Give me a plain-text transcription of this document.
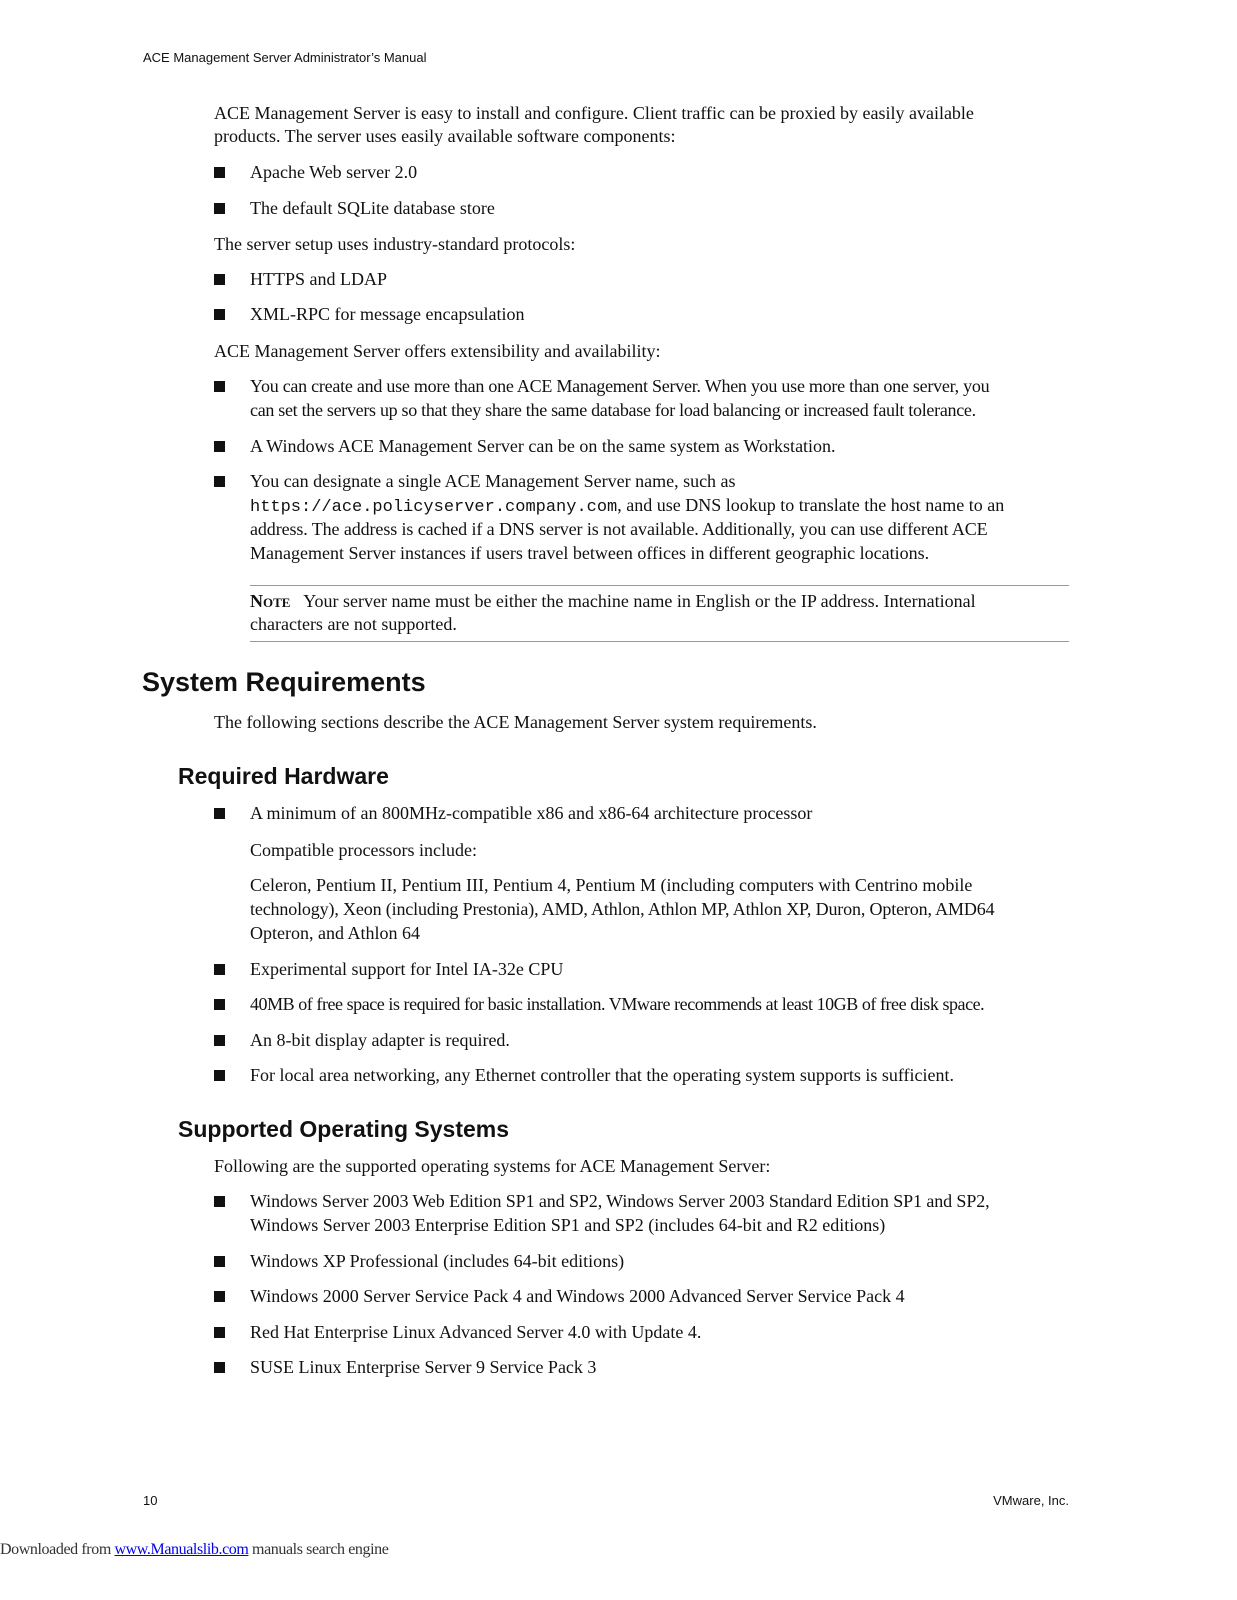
ACE Management Server Administrator’s Manual
ACE Management Server is easy to install and configure. Client traffic can be proxied by easily available
products. The server uses easily available software components:
Apache Web server 2.0
The default SQLite database store
The server setup uses industry-standard protocols:
HTTPS and LDAP
XML-RPC for message encapsulation
ACE Management Server offers extensibility and availability:
You can create and use more than one ACE Management Server. When you use more than one server, you
can set the servers up so that they share the same database for load balancing or increased fault tolerance.
A Windows ACE Management Server can be on the same system as Workstation.
You can designate a single ACE Management Server name, such as
https://ace.policyserver.company.com, and use DNS lookup to translate the host name to an
address. The address is cached if a DNS server is not available. Additionally, you can use different ACE
Management Server instances if users travel between offices in different geographic locations.
Note Your server name must be either the machine name in English or the IP address. International
characters are not supported.
System Requirements
The following sections describe the ACE Management Server system requirements.
Required Hardware
A minimum of an 800MHz-compatible x86 and x86-64 architecture processor
Compatible processors include:
Celeron, Pentium II, Pentium III, Pentium 4, Pentium M (including computers with Centrino mobile
technology), Xeon (including Prestonia), AMD, Athlon, Athlon MP, Athlon XP, Duron, Opteron, AMD64
Opteron, and Athlon 64
Experimental support for Intel IA-32e CPU
40MB of free space is required for basic installation. VMware recommends at least 10GB of free disk space.
An 8-bit display adapter is required.
For local area networking, any Ethernet controller that the operating system supports is sufficient.
Supported Operating Systems
Following are the supported operating systems for ACE Management Server:
Windows Server 2003 Web Edition SP1 and SP2, Windows Server 2003 Standard Edition SP1 and SP2,
Windows Server 2003 Enterprise Edition SP1 and SP2 (includes 64-bit and R2 editions)
Windows XP Professional (includes 64-bit editions)
Windows 2000 Server Service Pack 4 and Windows 2000 Advanced Server Service Pack 4
Red Hat Enterprise Linux Advanced Server 4.0 with Update 4.
SUSE Linux Enterprise Server 9 Service Pack 3
10	VMware, Inc.
Downloaded from www.Manualslib.com manuals search engine
